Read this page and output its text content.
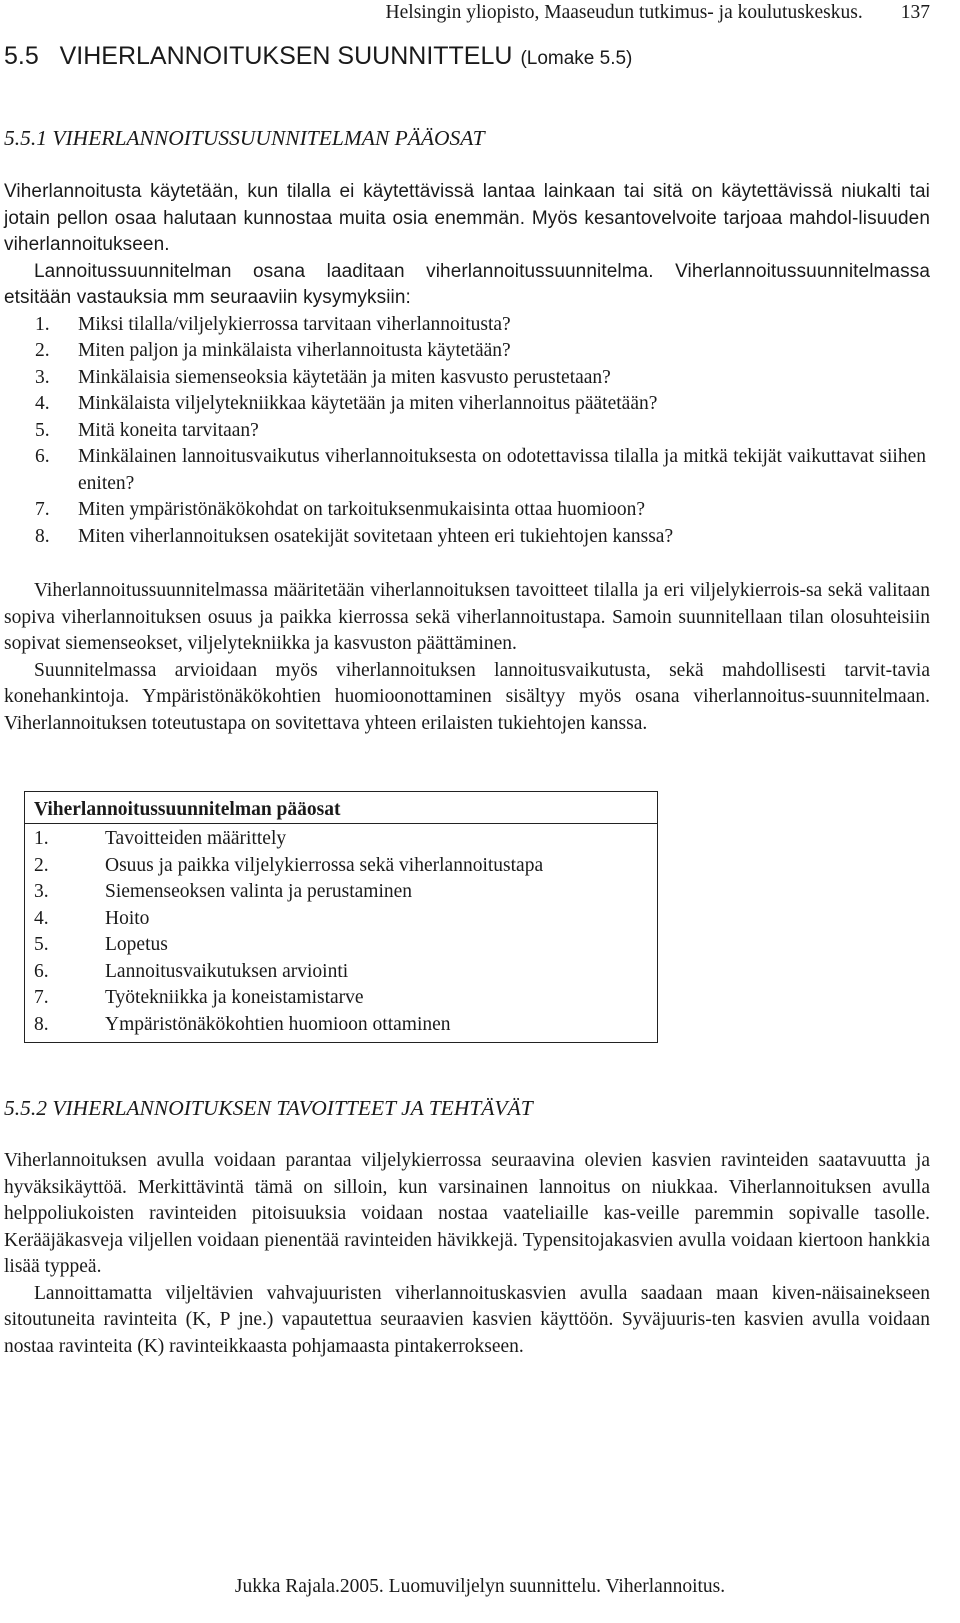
Helsingin yliopisto, Maaseudun tutkimus- ja koulutuskeskus. 137
5.5   VIHERLANNOITUKSEN SUUNNITTELU (Lomake 5.5)
5.5.1 VIHERLANNOITUSSUUNNITELMAN PÄÄOSAT

Viherlannoitusta käytetään, kun tilalla ei käytettävissä lantaa lainkaan tai sitä on käytettävissä niukalti tai jotain pellon osaa halutaan kunnostaa muita osia enemmän. Myös kesantovelvoite tarjoaa mahdol-lisuuden viherlannoitukseen.

Lannoitussuunnitelman osana laaditaan viherlannoitussuunnitelma. Viherlannoitussuunnitelmassa etsitään vastauksia mm seuraaviin kysymyksiin:

1. Miksi tilalla/viljelykierrossa tarvitaan viherlannoitusta?
2. Miten paljon ja minkälaista viherlannoitusta käytetään?
3. Minkälaisia siemenseoksia käytetään ja miten kasvusto perustetaan?
4. Minkälaista viljelytekniikkaa käytetään ja miten viherlannoitus päätetään?
5. Mitä koneita tarvitaan?
6. Minkälainen lannoitusvaikutus viherlannoituksesta on odotettavissa tilalla ja mitkä tekijät vaikuttavat siihen eniten?
7. Miten ympäristönäkökohdat on tarkoituksenmukaisinta ottaa huomioon?
8. Miten viherlannoituksen osatekijät sovitetaan yhteen eri tukiehtojen kanssa?

Viherlannoitussuunnitelmassa määritetään viherlannoituksen tavoitteet tilalla ja eri viljelykierrois-sa sekä valitaan sopiva viherlannoituksen osuus ja paikka kierrossa sekä viherlannoitustapa. Samoin suunnitellaan tilan olosuhteisiin sopivat siemenseokset, viljelytekniikka ja kasvuston päättäminen.

Suunnitelmassa arvioidaan myös viherlannoituksen lannoitusvaikutusta, sekä mahdollisesti tarvit-tavia konehankintoja. Ympäristönäkökohtien huomioonottaminen sisältyy myös osana viherlannoitus-suunnitelmaan. Viherlannoituksen toteutustapa on sovitettava yhteen erilaisten tukiehtojen kanssa.

Viherlannoitussuunnitelman pääosat
1.	Tavoitteiden määrittely
2.	Osuus ja paikka viljelykierrossa sekä viherlannoitustapa
3.	Siemenseoksen valinta ja perustaminen
4.	Hoito
5.	Lopetus
6.	Lannoitusvaikutuksen arviointi
7.	Työtekniikka ja koneistamistarve
8.	Ympäristönäkökohtien huomioon ottaminen
5.5.2 VIHERLANNOITUKSEN TAVOITTEET JA TEHTÄVÄT

Viherlannoituksen avulla voidaan parantaa viljelykierrossa seuraavina olevien kasvien ravinteiden saatavuutta ja hyväksikäyttöä. Merkittävintä tämä on silloin, kun varsinainen lannoitus on niukkaa. Viherlannoituksen avulla helppoliukoisten ravinteiden pitoisuuksia voidaan nostaa vaateliaille kas-veille paremmin sopivalle tasolle. Kerääjäkasveja viljellen voidaan pienentää ravinteiden hävikkejä. Typensitojakasvien avulla voidaan kiertoon hankkia lisää typpeä.

Lannoittamatta viljeltävien vahvajuuristen viherlannoituskasvien avulla saadaan maan kiven-näisainekseen sitoutuneita ravinteita (K, P jne.) vapautettua seuraavien kasvien käyttöön. Syväjuuris-ten kasvien avulla voidaan nostaa ravinteita (K) ravinteikkaasta pohjamaasta pintakerrokseen.

Jukka Rajala.2005. Luomuviljelyn suunnittelu. Viherlannoitus.
